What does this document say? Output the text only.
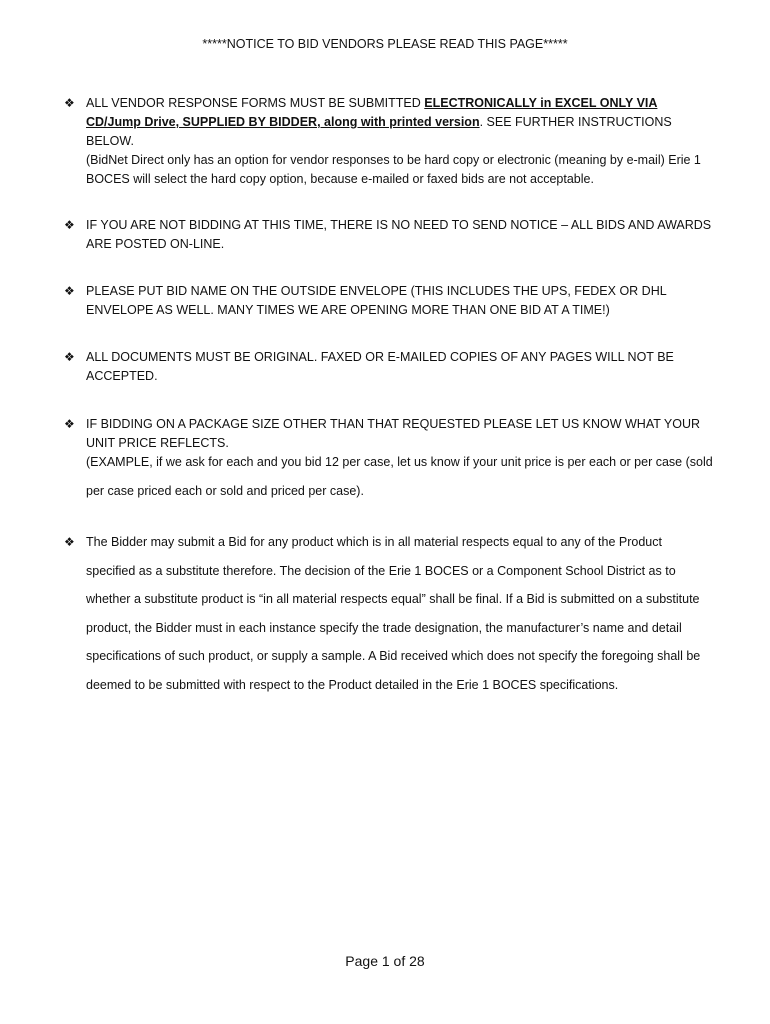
*****NOTICE TO BID VENDORS PLEASE READ THIS PAGE*****
❖ ALL VENDOR RESPONSE FORMS MUST BE SUBMITTED ELECTRONICALLY in EXCEL ONLY VIA CD/Jump Drive, SUPPLIED BY BIDDER, along with printed version. SEE FURTHER INSTRUCTIONS BELOW.

(BidNet Direct only has an option for vendor responses to be hard copy or electronic (meaning by e-mail) Erie 1 BOCES will select the hard copy option, because e-mailed or faxed bids are not acceptable.

❖ IF YOU ARE NOT BIDDING AT THIS TIME, THERE IS NO NEED TO SEND NOTICE – ALL BIDS AND AWARDS ARE POSTED ON-LINE.
❖ PLEASE PUT BID NAME ON THE OUTSIDE ENVELOPE (THIS INCLUDES THE UPS, FEDEX OR DHL ENVELOPE AS WELL. MANY TIMES WE ARE OPENING MORE THAN ONE BID AT A TIME!)
❖ ALL DOCUMENTS MUST BE ORIGINAL. FAXED OR E-MAILED COPIES OF ANY PAGES WILL NOT BE ACCEPTED.
❖ IF BIDDING ON A PACKAGE SIZE OTHER THAN THAT REQUESTED PLEASE LET US KNOW WHAT YOUR UNIT PRICE REFLECTS.

(EXAMPLE, if we ask for each and you bid 12 per case, let us know if your unit price is per each or per case (sold per case priced each or sold and priced per case).

❖ The Bidder may submit a Bid for any product which is in all material respects equal to any of the Product specified as a substitute therefore. The decision of the Erie 1 BOCES or a Component School District as to whether a substitute product is “in all material respects equal” shall be final. If a Bid is submitted on a substitute product, the Bidder must in each instance specify the trade designation, the manufacturer’s name and detail specifications of such product, or supply a sample. A Bid received which does not specify the foregoing shall be deemed to be submitted with respect to the Product detailed in the Erie 1 BOCES specifications.
Page 1 of 28
